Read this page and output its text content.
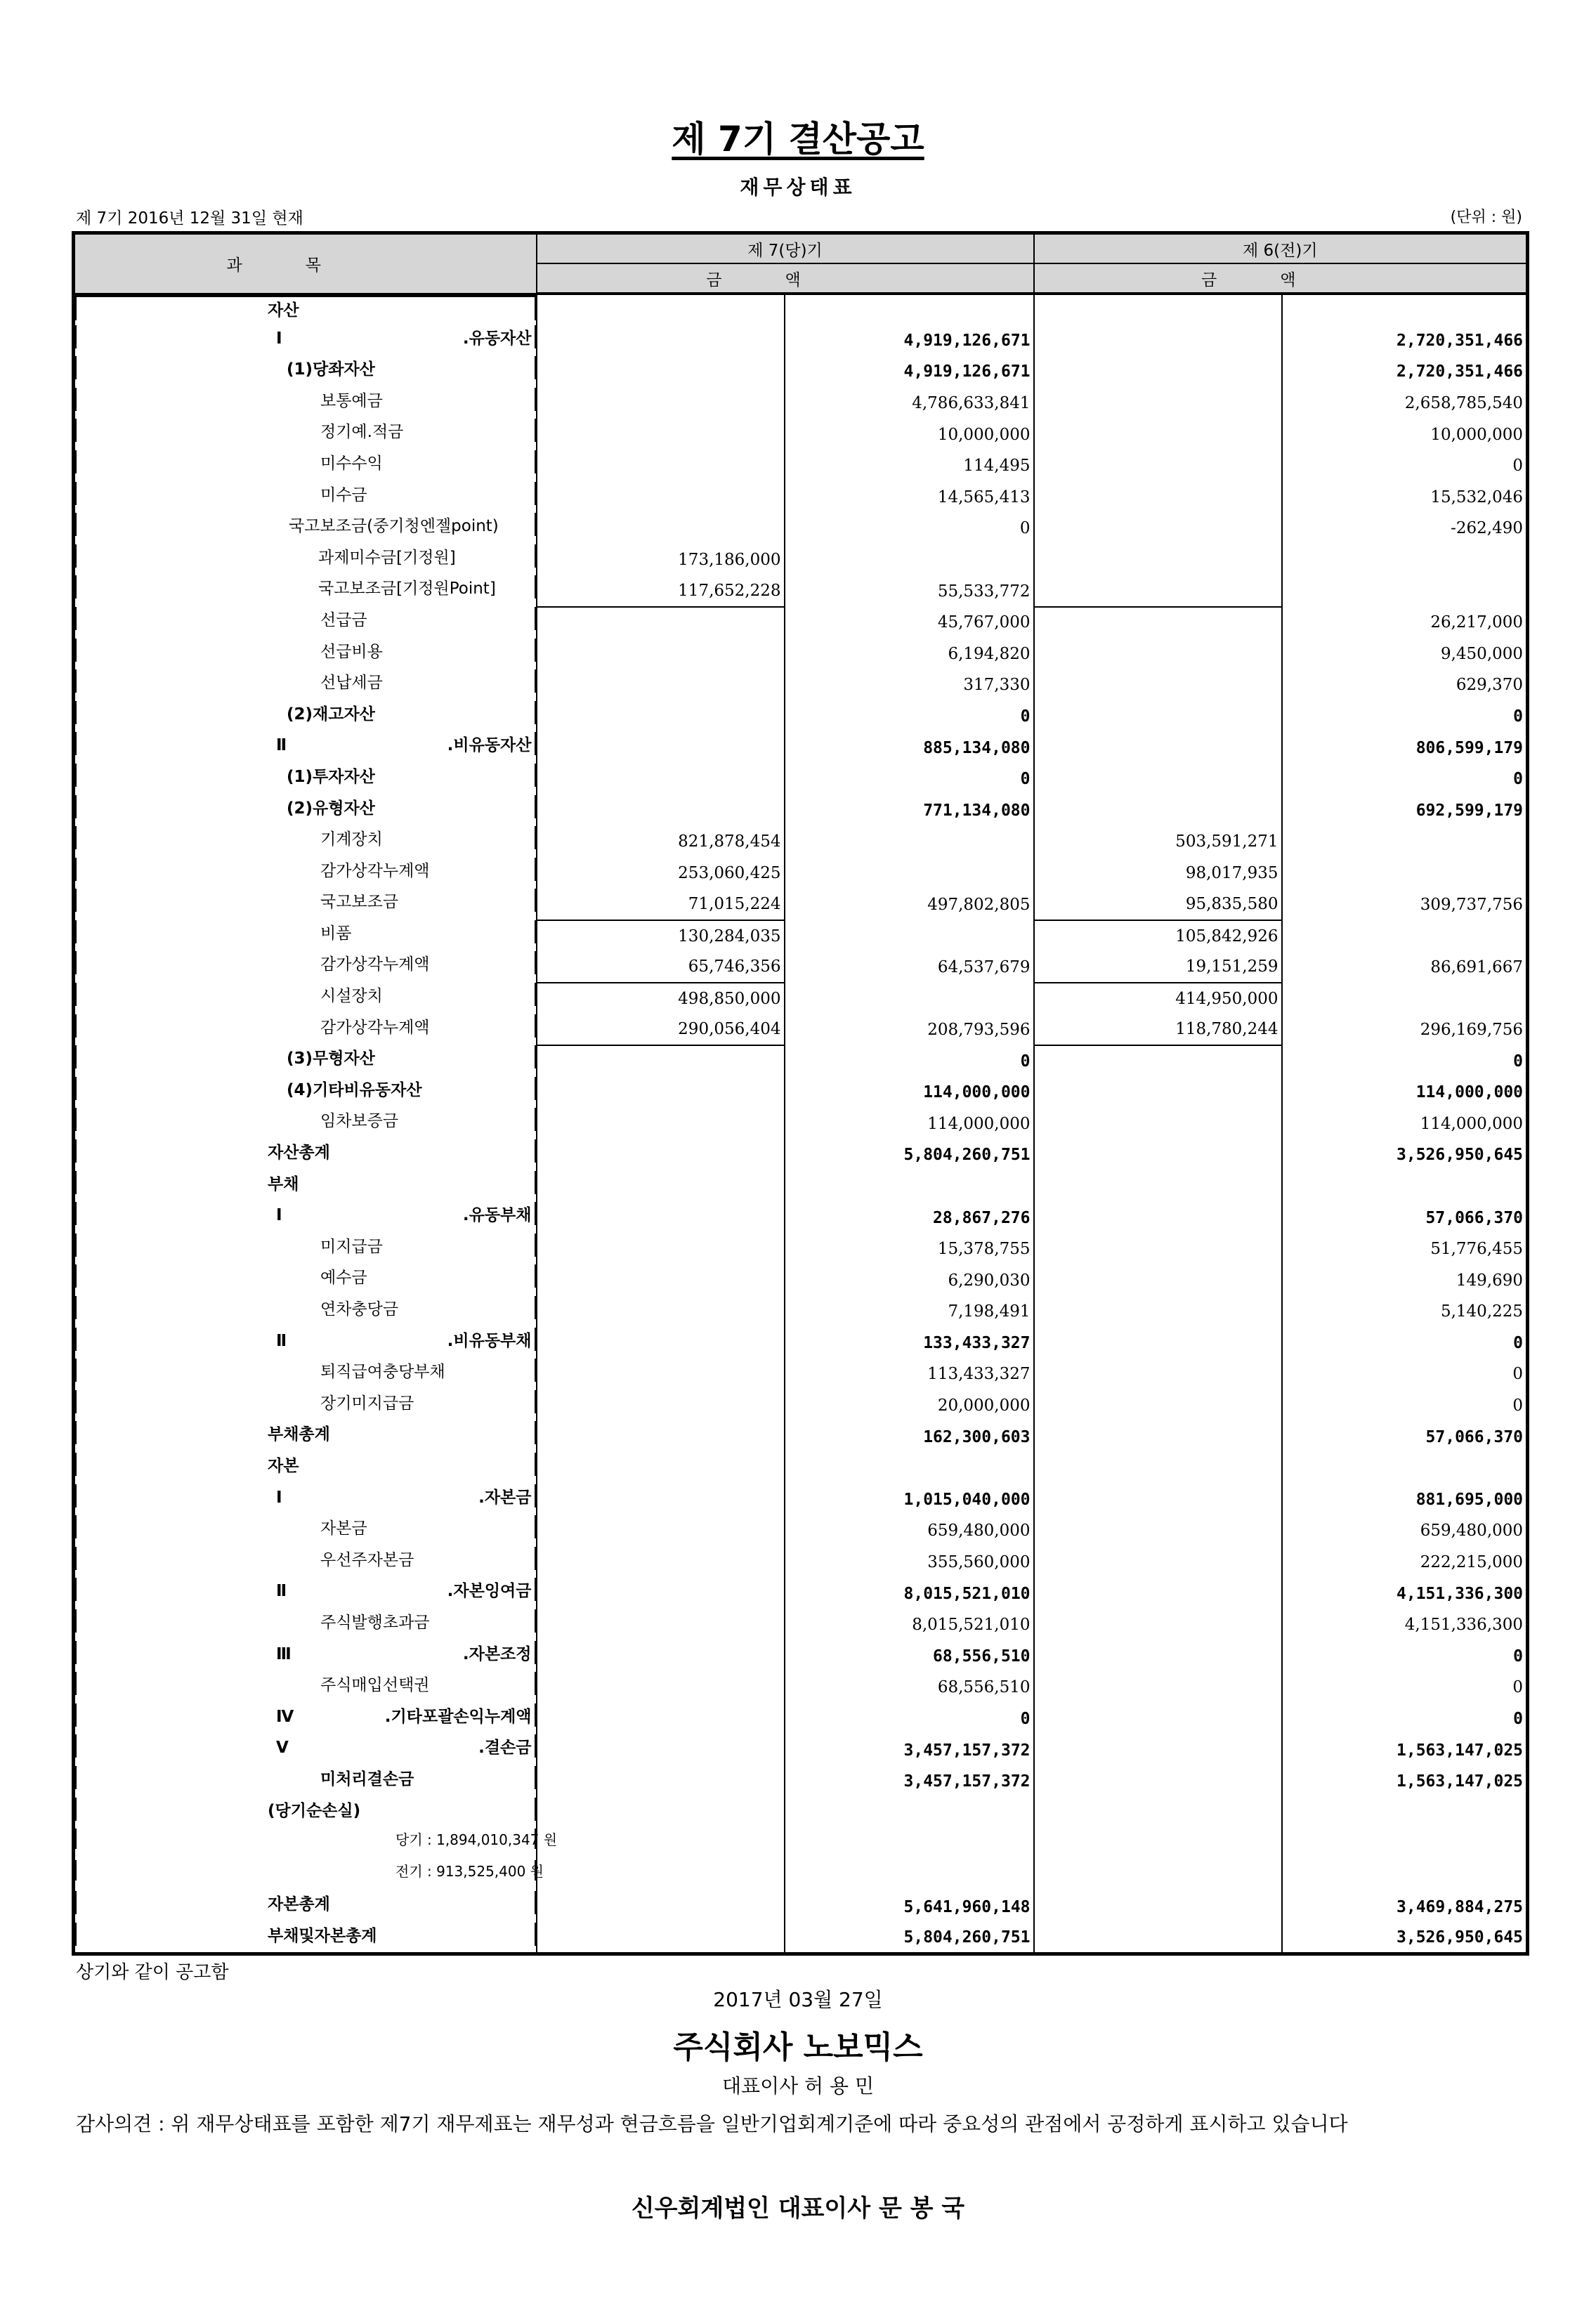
제 7기 결산공고
재무상태표
제 7기 2016년 12월 31일 현재	(단위 : 원)
과목	제 7(당)기		제 6(전)기	
	금액		금액	

자산

Ⅰ.유동자산
		4,919,126,671		2,720,351,466

(1)당좌자산
		4,919,126,671		2,720,351,466

보통예금
		4,786,633,841		2,658,785,540

정기예.적금
		10,000,000		10,000,000

미수수익
		114,495		0

미수금
		14,565,413		15,532,046

국고보조금(중기청엔젤point)
		0		-262,490

과제미수금[기정원]	173,186,000			

국고보조금[기정원Point]	117,652,228	55,533,772		

선급금
		45,767,000		26,217,000

선급비용
		6,194,820		9,450,000

선납세금
		317,330		629,370

(2)재고자산
		0		0

Ⅱ.비유동자산
		885,134,080		806,599,179

(1)투자자산
		0		0

(2)유형자산
		771,134,080		692,599,179

기계장치	821,878,454		503,591,271	

감가상각누계액	253,060,425		98,017,935	

국고보조금	71,015,224	497,802,805	95,835,580	309,737,756

비품	130,284,035		105,842,926	

감가상각누계액	65,746,356	64,537,679	19,151,259	86,691,667

시설장치	498,850,000		414,950,000	

감가상각누계액	290,056,404	208,793,596	118,780,244	296,169,756

(3)무형자산
		0		0

(4)기타비유동자산
		114,000,000		114,000,000

임차보증금
		114,000,000		114,000,000

자산총계
		5,804,260,751		3,526,950,645

부채

Ⅰ.유동부채
		28,867,276		57,066,370

미지급금
		15,378,755		51,776,455

예수금
		6,290,030		149,690

연차충당금
		7,198,491		5,140,225

Ⅱ.비유동부채
		133,433,327		0

퇴직급여충당부채
		113,433,327		0

장기미지급금
		20,000,000		0

부채총계
		162,300,603		57,066,370

자본

Ⅰ.자본금
		1,015,040,000		881,695,000

자본금
		659,480,000		659,480,000

우선주자본금
		355,560,000		222,215,000

Ⅱ.자본잉여금
		8,015,521,010		4,151,336,300

주식발행초과금
		8,015,521,010		4,151,336,300

Ⅲ.자본조정
		68,556,510		0

주식매입선택권
		68,556,510		0

Ⅳ.기타포괄손익누계액
		0		0

Ⅴ.결손금
		3,457,157,372		1,563,147,025

미처리결손금
		3,457,157,372		1,563,147,025

(당기순손실)

당기 : 1,894,010,347 원

전기 : 913,525,400 원

자본총계
		5,641,960,148		3,469,884,275

부채및자본총계
		5,804,260,751		3,526,950,645
상기와 같이 공고함
2017년 03월 27일
주식회사 노보믹스
대표이사 허 용 민
감사의견 : 위 재무상태표를 포함한 제7기 재무제표는 재무성과 현금흐름을 일반기업회계기준에 따라 중요성의 관점에서 공정하게 표시하고 있습니다
신우회계법인 대표이사 문 봉 국
